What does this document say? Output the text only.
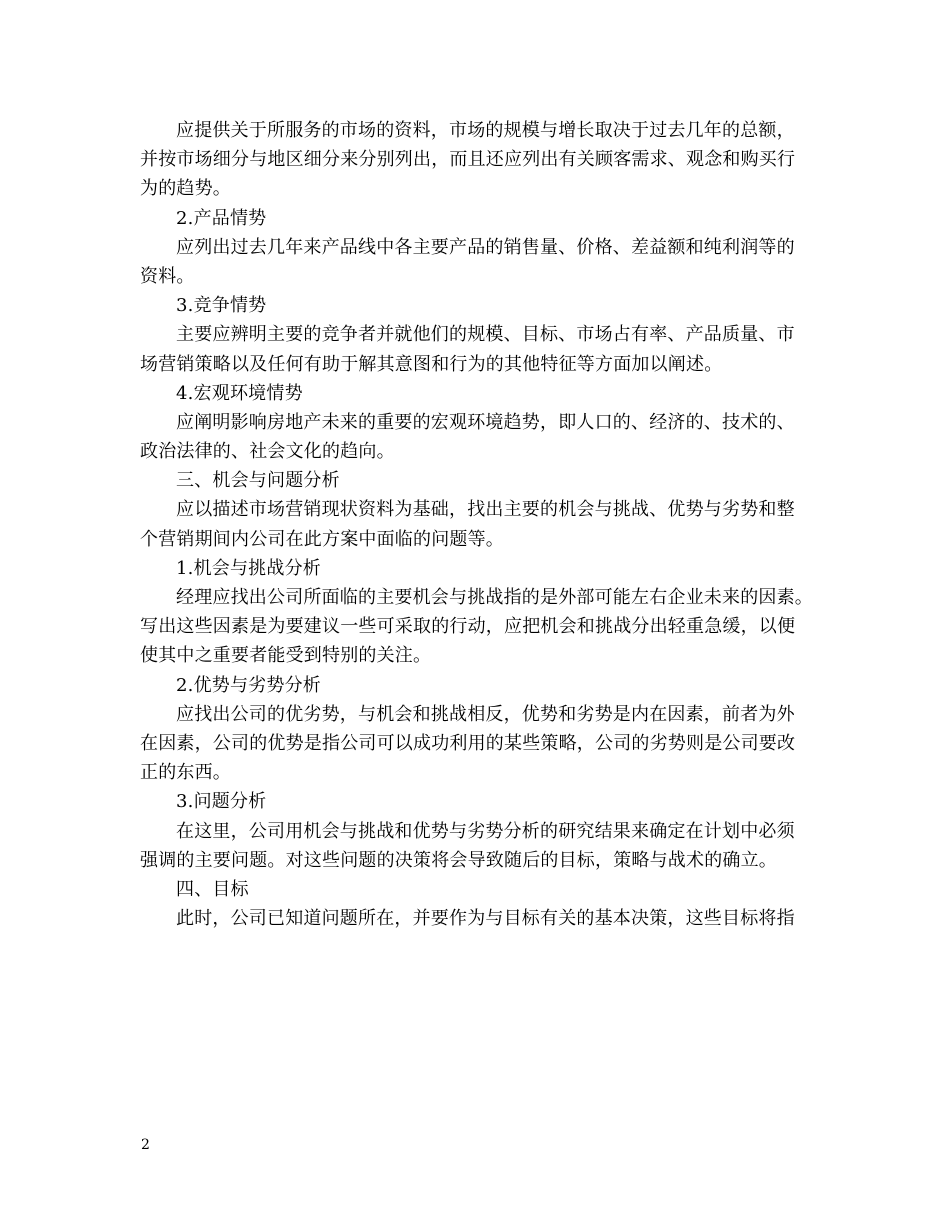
应提供关于所服务的市场的资料，市场的规模与增长取决于过去几年的总额，
并按市场细分与地区细分来分别列出，而且还应列出有关顾客需求、观念和购买行
为的趋势。
2.产品情势
应列出过去几年来产品线中各主要产品的销售量、价格、差益额和纯利润等的
资料。
3.竞争情势
主要应辨明主要的竞争者并就他们的规模、目标、市场占有率、产品质量、市
场营销策略以及任何有助于解其意图和行为的其他特征等方面加以阐述。
4.宏观环境情势
应阐明影响房地产未来的重要的宏观环境趋势，即人口的、经济的、技术的、
政治法律的、社会文化的趋向。
三、机会与问题分析
应以描述市场营销现状资料为基础，找出主要的机会与挑战、优势与劣势和整
个营销期间内公司在此方案中面临的问题等。
1.机会与挑战分析
经理应找出公司所面临的主要机会与挑战指的是外部可能左右企业未来的因素。
写出这些因素是为要建议一些可采取的行动，应把机会和挑战分出轻重急缓，以便
使其中之重要者能受到特别的关注。
2.优势与劣势分析
应找出公司的优劣势，与机会和挑战相反，优势和劣势是内在因素，前者为外
在因素，公司的优势是指公司可以成功利用的某些策略，公司的劣势则是公司要改
正的东西。
3.问题分析
在这里，公司用机会与挑战和优势与劣势分析的研究结果来确定在计划中必须
强调的主要问题。对这些问题的决策将会导致随后的目标，策略与战术的确立。
四、目标
此时，公司已知道问题所在，并要作为与目标有关的基本决策，这些目标将指
2
